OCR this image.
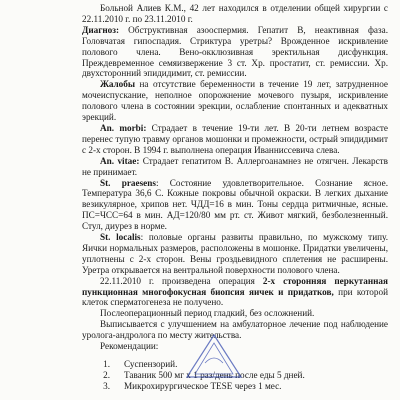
Больной Алиев К.М., 42 лет находился в отделении общей хирургии с 22.11.2010 г. по 23.11.2010 г.

Диагноз: Обструктивная азооспермия. Гепатит В, неактивная фаза. Головчатая гипоспадия. Стриктура уретры? Врожденное искривление полового члена. Вено-окклюзивная эректильная дисфункция. Преждевременное семяизвержение 3 ст. Хр. простатит, ст. ремиссии. Хр. двухсторонний эпидидимит, ст. ремиссии.

Жалобы на отсутствие беременности в течение 19 лет, затрудненное мочеиспускание, неполное опорожнение мочевого пузыря, искривление полового члена в состоянии эрекции, ослабление спонтанных и адекватных эрекций.

An. morbi: Страдает в течение 19-ти лет. В 20-ти летнем возрасте перенес тупую травму органов мошонки и промежности, острый эпидидимит с 2-х сторон. В 1994 г. выполнена операция Иванниссевича слева.

An. vitae: Страдает гепатитом В. Аллергоанамнез не отягчен. Лекарств не принимает.

St. praesens: Состояние удовлетворительное. Сознание ясное. Температура 36,6 С. Кожные покровы обычной окраски. В легких дыхание везикулярное, хрипов нет. ЧДД=16 в мин. Тоны сердца ритмичные, ясные. ПС=ЧСС=64 в мин. АД=120/80 мм рт. ст. Живот мягкий, безболезненный. Стул, диурез в норме.

St. localis: половые органы развиты правильно, по мужскому типу. Яички нормальных размеров, расположены в мошонке. Придатки увеличены, уплотнены с 2-х сторон. Вены гроздьевидного сплетения не расширены. Уретра открывается на вентральной поверхности полового члена.

22.11.2010 г. произведена операция 2-х сторонняя перкутанная пункционная многофокусная биопсия яичек и придатков, при которой клеток сперматогенеза не получено.

Послеоперационный период гладкий, без осложнений.

Выписывается с улучшением на амбулаторное лечение под наблюдение уролога-андролога по месту жительства.

Рекомендации:

1.	Суспензорий.
2.	Таваник 500 мг х 1 раз/день после еды 5 дней.
3.	Микрохирургическое TESE через 1 мес.
